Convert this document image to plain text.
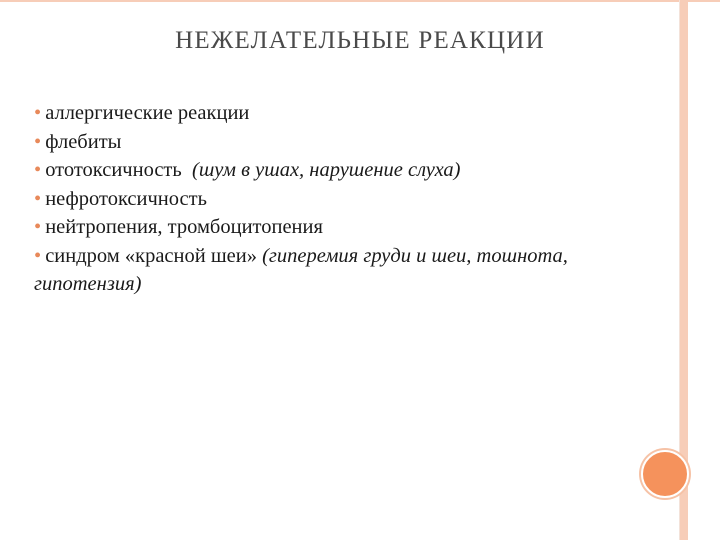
НЕЖЕЛАТЕЛЬНЫЕ РЕАКЦИИ
• аллергические реакции
• флебиты
• ототоксичность  (шум в ушах, нарушение слуха)
• нефротоксичность
• нейтропения, тромбоцитопения
• синдром «красной шеи» (гиперемия груди и шеи, тошнота, гипотензия)
